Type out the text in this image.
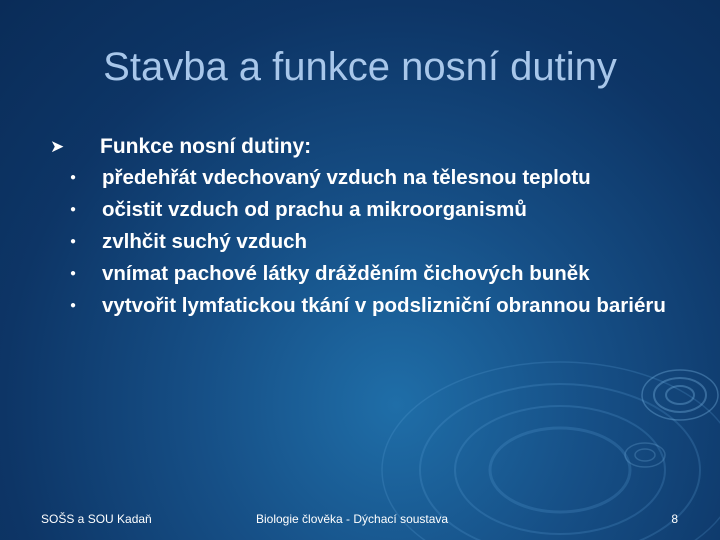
Stavba a funkce nosní dutiny
➤	Funkce nosní dutiny:
●	předehřát vdechovaný vzduch na tělesnou teplotu
●	očistit vzduch od prachu a mikroorganismů
●	zvlhčit suchý vzduch
●	vnímat pachové látky drážděním čichových buněk
●	vytvořit lymfatickou tkání v podslizniční obrannou bariéru
SOŠS a SOU Kadaň	Biologie člověka - Dýchací soustava	8
